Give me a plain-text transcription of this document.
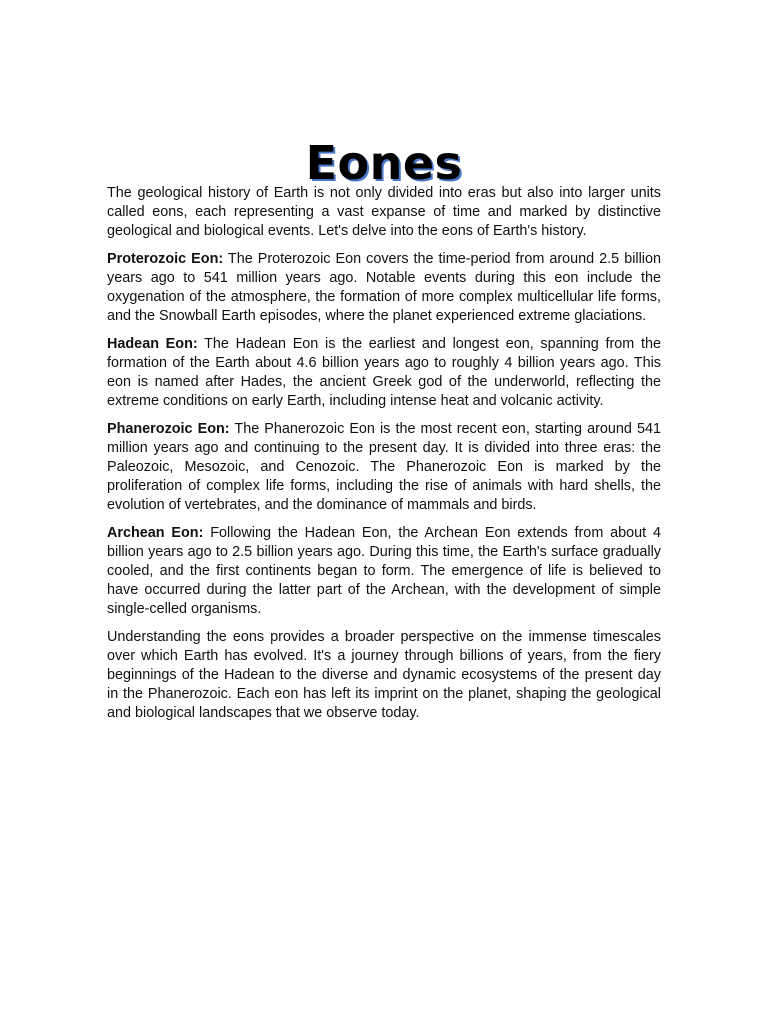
Eones

The geological history of Earth is not only divided into eras but also into larger units called eons, each representing a vast expanse of time and marked by distinctive geological and biological events. Let's delve into the eons of Earth's history.

Proterozoic Eon: The Proterozoic Eon covers the time-period from around 2.5 billion years ago to 541 million years ago. Notable events during this eon include the oxygenation of the atmosphere, the formation of more complex multicellular life forms, and the Snowball Earth episodes, where the planet experienced extreme glaciations.

Hadean Eon: The Hadean Eon is the earliest and longest eon, spanning from the formation of the Earth about 4.6 billion years ago to roughly 4 billion years ago. This eon is named after Hades, the ancient Greek god of the underworld, reflecting the extreme conditions on early Earth, including intense heat and volcanic activity.

Phanerozoic Eon: The Phanerozoic Eon is the most recent eon, starting around 541 million years ago and continuing to the present day. It is divided into three eras: the Paleozoic, Mesozoic, and Cenozoic. The Phanerozoic Eon is marked by the proliferation of complex life forms, including the rise of animals with hard shells, the evolution of vertebrates, and the dominance of mammals and birds.

Archean Eon: Following the Hadean Eon, the Archean Eon extends from about 4 billion years ago to 2.5 billion years ago. During this time, the Earth's surface gradually cooled, and the first continents began to form. The emergence of life is believed to have occurred during the latter part of the Archean, with the development of simple single-celled organisms.

Understanding the eons provides a broader perspective on the immense timescales over which Earth has evolved. It's a journey through billions of years, from the fiery beginnings of the Hadean to the diverse and dynamic ecosystems of the present day in the Phanerozoic. Each eon has left its imprint on the planet, shaping the geological and biological landscapes that we observe today.
